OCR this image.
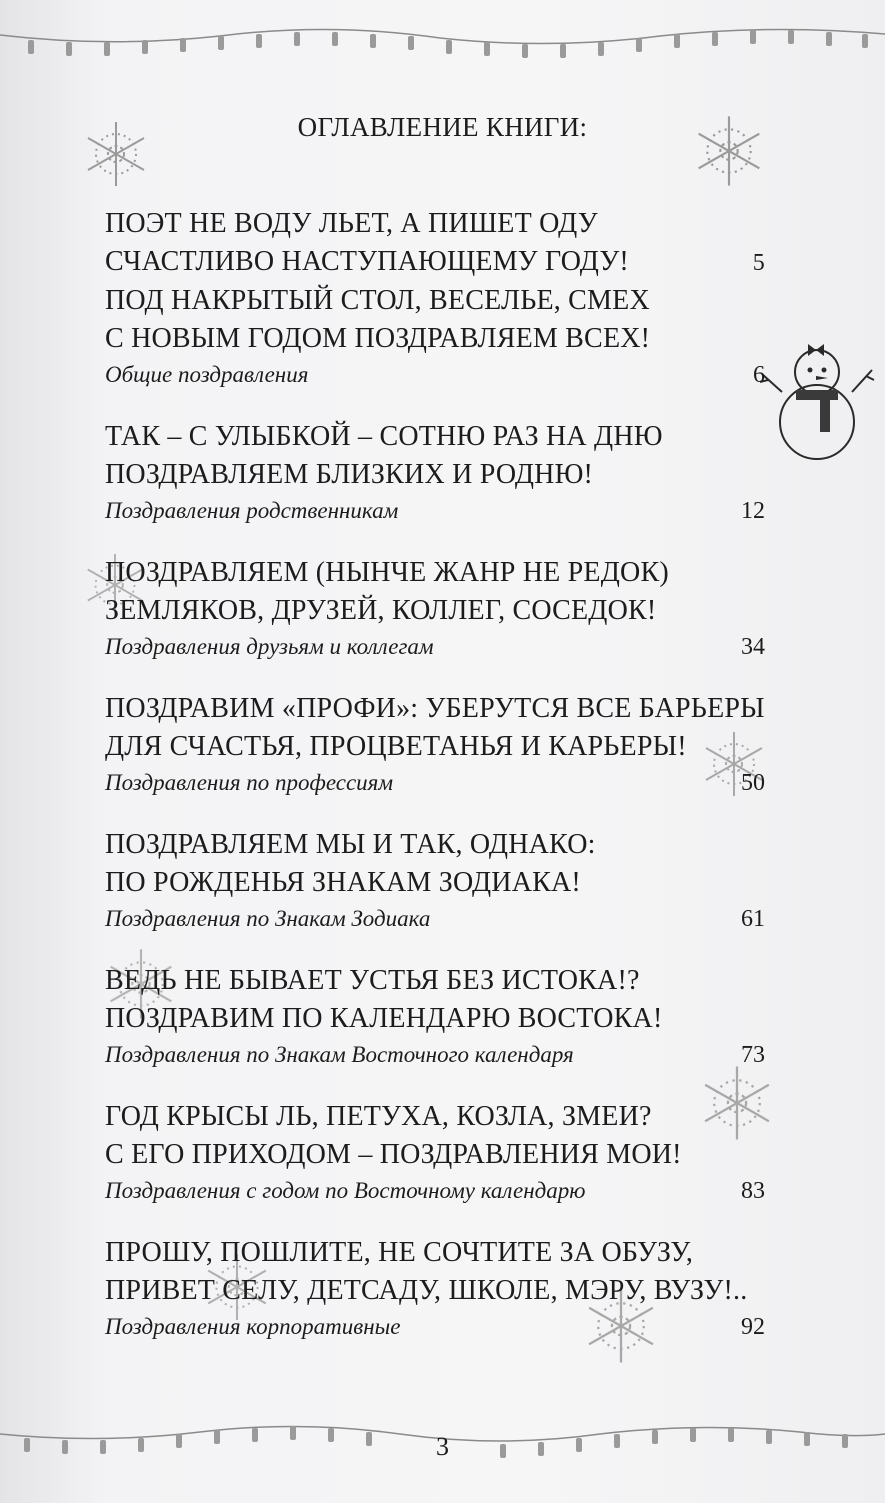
ОГЛАВЛЕНИЕ КНИГИ:
ПОЭТ НЕ ВОДУ ЛЬЕТ, А ПИШЕТ ОДУ
СЧАСТЛИВО НАСТУПАЮЩЕМУ ГОДУ!	5
ПОД НАКРЫТЫЙ СТОЛ, ВЕСЕЛЬЕ, СМЕХ
С НОВЫМ ГОДОМ ПОЗДРАВЛЯЕМ ВСЕХ!
Общие поздравления	6
ТАК – С УЛЫБКОЙ – СОТНЮ РАЗ НА ДНЮ
ПОЗДРАВЛЯЕМ БЛИЗКИХ И РОДНЮ!
Поздравления родственникам	12
ПОЗДРАВЛЯЕМ (НЫНЧЕ ЖАНР НЕ РЕДОК)
ЗЕМЛЯКОВ, ДРУЗЕЙ, КОЛЛЕГ, СОСЕДОК!
Поздравления друзьям и коллегам	34
ПОЗДРАВИМ «ПРОФИ»: УБЕРУТСЯ ВСЕ БАРЬЕРЫ
ДЛЯ СЧАСТЬЯ, ПРОЦВЕТАНЬЯ И КАРЬЕРЫ!
Поздравления по профессиям	50
ПОЗДРАВЛЯЕМ МЫ И ТАК, ОДНАКО:
ПО РОЖДЕНЬЯ ЗНАКАМ ЗОДИАКА!
Поздравления по Знакам Зодиака	61
ВЕДЬ НЕ БЫВАЕТ УСТЬЯ БЕЗ ИСТОКА!?
ПОЗДРАВИМ ПО КАЛЕНДАРЮ ВОСТОКА!
Поздравления по Знакам Восточного календаря	73
ГОД КРЫСЫ ЛЬ, ПЕТУХА, КОЗЛА, ЗМЕИ?
С ЕГО ПРИХОДОМ – ПОЗДРАВЛЕНИЯ МОИ!
Поздравления с годом по Восточному календарю	83
ПРОШУ, ПОШЛИТЕ, НЕ СОЧТИТЕ ЗА ОБУЗУ,
ПРИВЕТ СЕЛУ, ДЕТСАДУ, ШКОЛЕ, МЭРУ, ВУЗУ!..
Поздравления корпоративные	92
3
